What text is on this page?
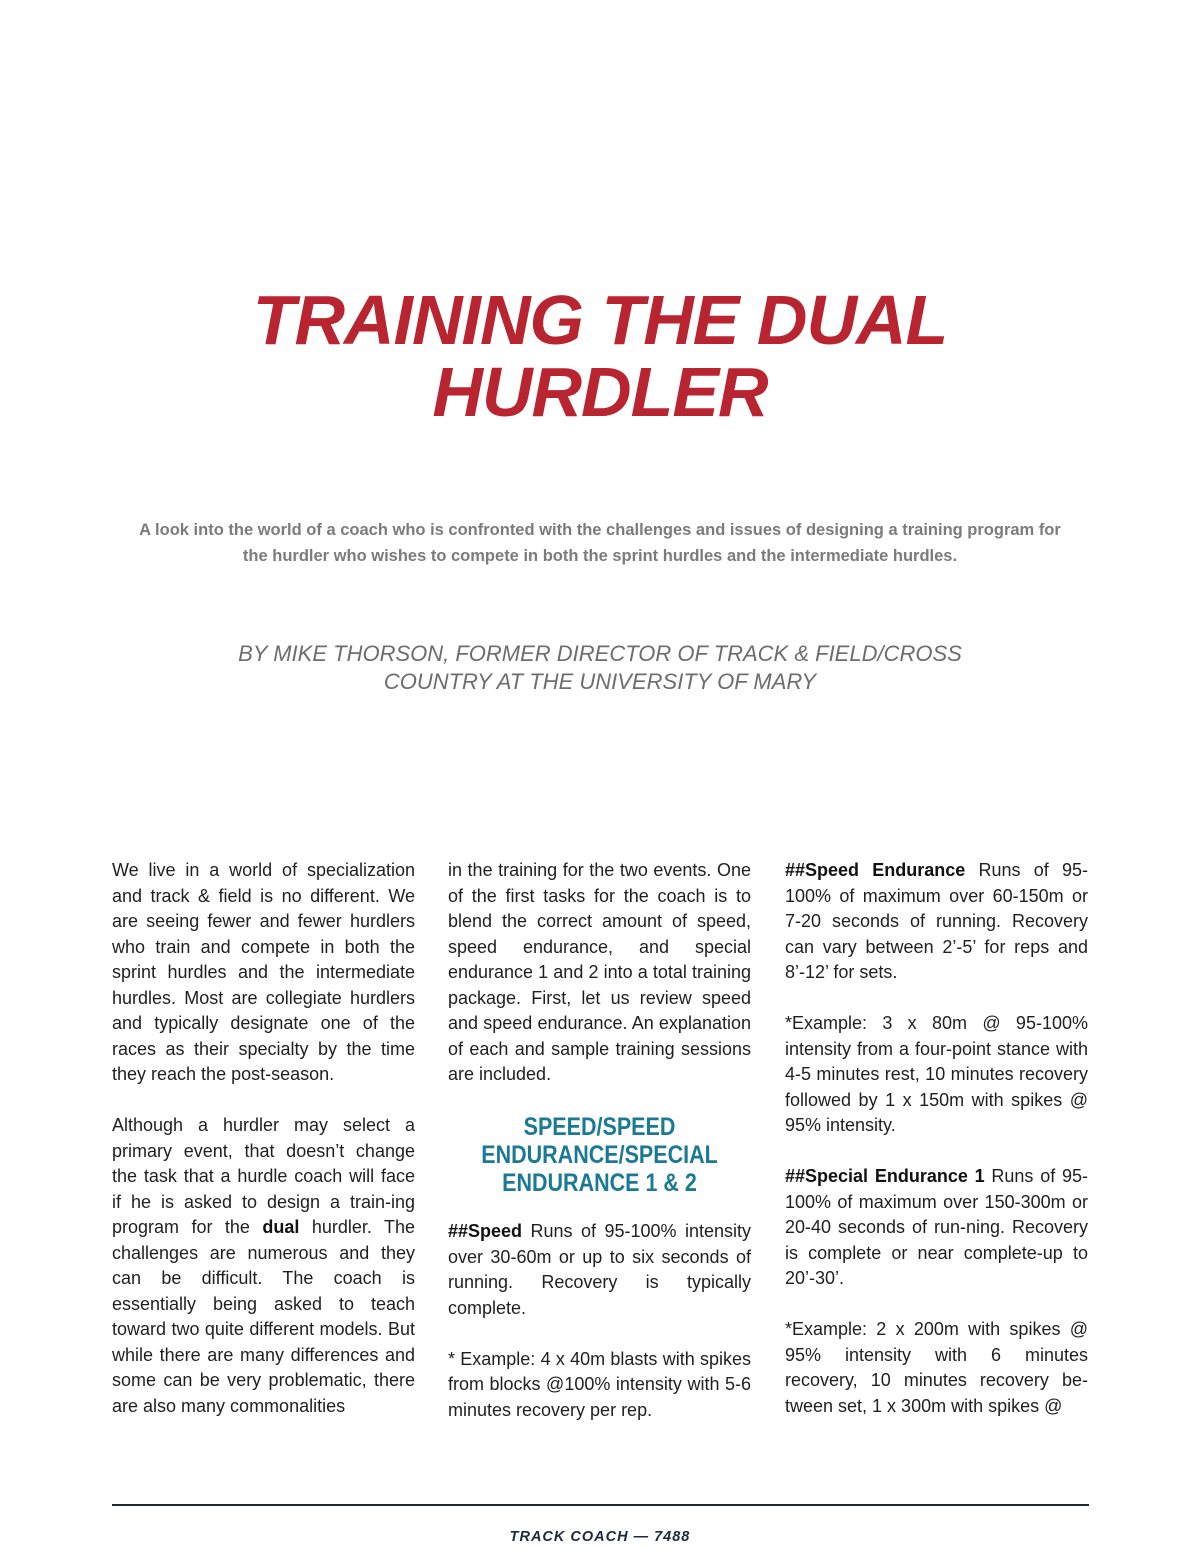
TRAINING THE DUAL
HURDLER

A look into the world of a coach who is confronted with the challenges and issues of designing a training program for the hurdler who wishes to compete in both the sprint hurdles and the intermediate hurdles.

BY MIKE THORSON, FORMER DIRECTOR OF TRACK & FIELD/CROSS
COUNTRY AT THE UNIVERSITY OF MARY

We live in a world of specialization and track & field is no different. We are seeing fewer and fewer hurdlers who train and compete in both the sprint hurdles and the intermediate hurdles. Most are collegiate hurdlers and typically designate one of the races as their specialty by the time they reach the post-season.

Although a hurdler may select a primary event, that doesn’t change the task that a hurdle coach will face if he is asked to design a train-ing program for the dual hurdler. The challenges are numerous and they can be difficult. The coach is essentially being asked to teach toward two quite different models. But while there are many differences and some can be very problematic, there are also many commonalities

in the training for the two events. One of the first tasks for the coach is to blend the correct amount of speed, speed endurance, and special endurance 1 and 2 into a total training package. First, let us review speed and speed endurance. An explanation of each and sample training sessions are included.

SPEED/SPEED
ENDURANCE/SPECIAL
ENDURANCE 1 & 2

##Speed Runs of 95-100% intensity over 30-60m or up to six seconds of running. Recovery is typically complete.

* Example: 4 x 40m blasts with spikes from blocks @100% intensity with 5-6 minutes recovery per rep.

##Speed Endurance Runs of 95-100% of maximum over 60-150m or 7-20 seconds of running. Recovery can vary between 2’-5’ for reps and 8’-12’ for sets.

*Example: 3 x 80m @ 95-100% intensity from a four-point stance with 4-5 minutes rest, 10 minutes recovery followed by 1 x 150m with spikes @ 95% intensity.

##Special Endurance 1 Runs of 95-100% of maximum over 150-300m or 20-40 seconds of run-ning. Recovery is complete or near complete-up to 20’-30’.

*Example: 2 x 200m with spikes @ 95% intensity with 6 minutes recovery, 10 minutes recovery be-tween set, 1 x 300m with spikes @

TRACK COACH — 7488
